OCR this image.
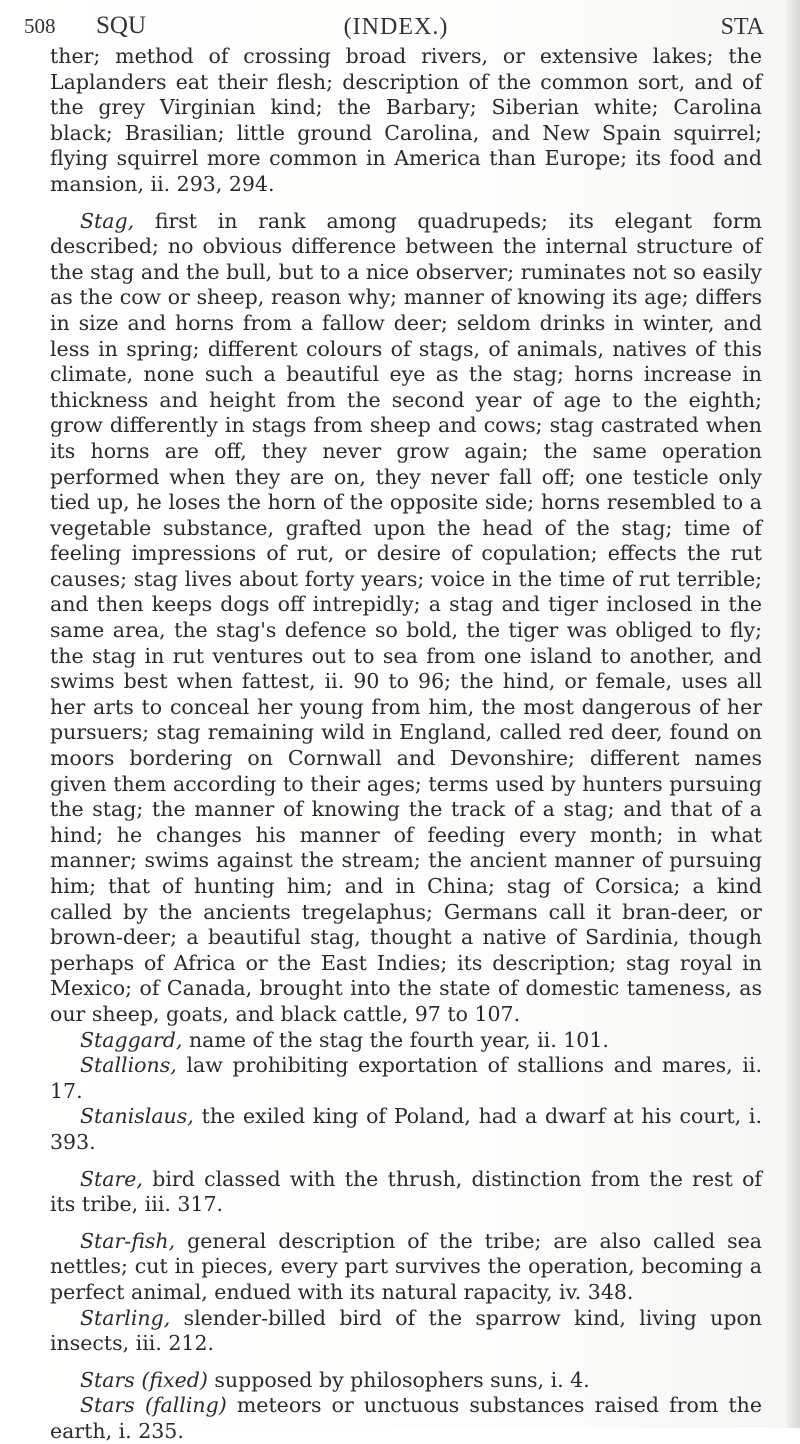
508 SQU	(INDEX.)	STA

ther; method of crossing broad rivers, or extensive lakes; the Laplanders eat their flesh; description of the common sort, and of the grey Virginian kind; the Barbary; Siberian white; Carolina black; Brasilian; little ground Carolina, and New Spain squirrel; flying squirrel more common in America than Europe; its food and mansion, ii. 293, 294.

Stag, first in rank among quadrupeds; its elegant form described; no obvious difference between the internal structure of the stag and the bull, but to a nice observer; ruminates not so easily as the cow or sheep, reason why; manner of knowing its age; differs in size and horns from a fallow deer; seldom drinks in winter, and less in spring; different colours of stags, of animals, natives of this climate, none such a beautiful eye as the stag; horns increase in thickness and height from the second year of age to the eighth; grow differently in stags from sheep and cows; stag castrated when its horns are off, they never grow again; the same operation performed when they are on, they never fall off; one testicle only tied up, he loses the horn of the opposite side; horns resembled to a vegetable substance, grafted upon the head of the stag; time of feeling impressions of rut, or desire of copulation; effects the rut causes; stag lives about forty years; voice in the time of rut terrible; and then keeps dogs off intrepidly; a stag and tiger inclosed in the same area, the stag's defence so bold, the tiger was obliged to fly; the stag in rut ventures out to sea from one island to another, and swims best when fattest, ii. 90 to 96; the hind, or female, uses all her arts to conceal her young from him, the most dangerous of her pursuers; stag remaining wild in England, called red deer, found on moors bordering on Cornwall and Devonshire; different names given them according to their ages; terms used by hunters pursuing the stag; the manner of knowing the track of a stag; and that of a hind; he changes his manner of feeding every month; in what manner; swims against the stream; the ancient manner of pursuing him; that of hunting him; and in China; stag of Corsica; a kind called by the ancients tregelaphus; Germans call it bran-deer, or brown-deer; a beautiful stag, thought a native of Sardinia, though perhaps of Africa or the East Indies; its description; stag royal in Mexico; of Canada, brought into the state of domestic tameness, as our sheep, goats, and black cattle, 97 to 107.

Staggard, name of the stag the fourth year, ii. 101.

Stallions, law prohibiting exportation of stallions and mares, ii. 17.

Stanislaus, the exiled king of Poland, had a dwarf at his court, i. 393.

Stare, bird classed with the thrush, distinction from the rest of its tribe, iii. 317.

Star-fish, general description of the tribe; are also called sea nettles; cut in pieces, every part survives the operation, becoming a perfect animal, endued with its natural rapacity, iv. 348.

Starling, slender-billed bird of the sparrow kind, living upon insects, iii. 212.

Stars (fixed) supposed by philosophers suns, i. 4.

Stars (falling) meteors or unctuous substances raised from the earth, i. 235.
